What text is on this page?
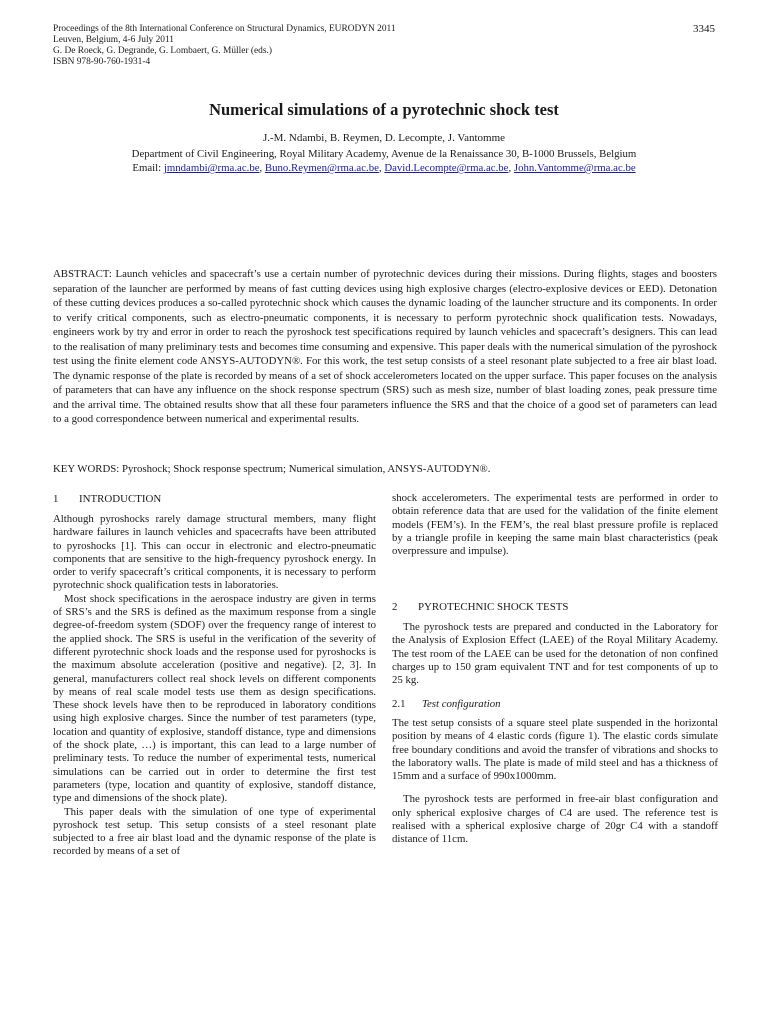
Proceedings of the 8th International Conference on Structural Dynamics, EURODYN 2011
Leuven, Belgium, 4-6 July 2011
G. De Roeck, G. Degrande, G. Lombaert, G. Müller (eds.)
ISBN 978-90-760-1931-4
3345
Numerical simulations of a pyrotechnic shock test
J.-M. Ndambi, B. Reymen, D. Lecompte, J. Vantomme
Department of Civil Engineering, Royal Military Academy, Avenue de la Renaissance 30, B-1000 Brussels, Belgium
Email: jmndambi@rma.ac.be, Buno.Reymen@rma.ac.be, David.Lecompte@rma.ac.be, John.Vantomme@rma.ac.be
ABSTRACT: Launch vehicles and spacecraft’s use a certain number of pyrotechnic devices during their missions. During flights, stages and boosters separation of the launcher are performed by means of fast cutting devices using high explosive charges (electro-explosive devices or EED). Detonation of these cutting devices produces a so-called pyrotechnic shock which causes the dynamic loading of the launcher structure and its components. In order to verify critical components, such as electro-pneumatic components, it is necessary to perform pyrotechnic shock qualification tests. Nowadays, engineers work by try and error in order to reach the pyroshock test specifications required by launch vehicles and spacecraft’s designers. This can lead to the realisation of many preliminary tests and becomes time consuming and expensive. This paper deals with the numerical simulation of the pyroshock test using the finite element code ANSYS-AUTODYN®. For this work, the test setup consists of a steel resonant plate subjected to a free air blast load. The dynamic response of the plate is recorded by means of a set of shock accelerometers located on the upper surface. This paper focuses on the analysis of parameters that can have any influence on the shock response spectrum (SRS) such as mesh size, number of blast loading zones, peak pressure time and the arrival time. The obtained results show that all these four parameters influence the SRS and that the choice of a good set of parameters can lead to a good correspondence between numerical and experimental results.
KEY WORDS: Pyroshock; Shock response spectrum; Numerical simulation, ANSYS-AUTODYN®.
1 INTRODUCTION

Although pyroshocks rarely damage structural members, many flight hardware failures in launch vehicles and spacecrafts have been attributed to pyroshocks [1]. This can occur in electronic and electro-pneumatic components that are sensitive to the high-frequency pyroshock energy. In order to verify spacecraft’s critical components, it is necessary to perform pyrotechnic shock qualification tests in laboratories.

Most shock specifications in the aerospace industry are given in terms of SRS’s and the SRS is defined as the maximum response from a single degree-of-freedom system (SDOF) over the frequency range of interest to the applied shock. The SRS is useful in the verification of the severity of different pyrotechnic shock loads and the response used for pyroshocks is the maximum absolute acceleration (positive and negative). [2, 3]. In general, manufacturers collect real shock levels on different components by means of real scale model tests use them as design specifications. These shock levels have then to be reproduced in laboratory conditions using high explosive charges. Since the number of test parameters (type, location and quantity of explosive, standoff distance, type and dimensions of the shock plate, …) is important, this can lead to a large number of preliminary tests. To reduce the number of experimental tests, numerical simulations can be carried out in order to determine the first test parameters (type, location and quantity of explosive, standoff distance, type and dimensions of the shock plate).

This paper deals with the simulation of one type of experimental pyroshock test setup. This setup consists of a steel resonant plate subjected to a free air blast load and the dynamic response of the plate is recorded by means of a set of

shock accelerometers. The experimental tests are performed in order to obtain reference data that are used for the validation of the finite element models (FEM’s). In the FEM’s, the real blast pressure profile is replaced by a triangle profile in keeping the same main blast characteristics (peak overpressure and impulse).

2 PYROTECHNIC SHOCK TESTS

The pyroshock tests are prepared and conducted in the Laboratory for the Analysis of Explosion Effect (LAEE) of the Royal Military Academy. The test room of the LAEE can be used for the detonation of non confined charges up to 150 gram equivalent TNT and for test components of up to 25 kg.

2.1 Test configuration

The test setup consists of a square steel plate suspended in the horizontal position by means of 4 elastic cords (figure 1). The elastic cords simulate free boundary conditions and avoid the transfer of vibrations and shocks to the laboratory walls. The plate is made of mild steel and has a thickness of 15mm and a surface of 990x1000mm.

The pyroshock tests are performed in free-air blast configuration and only spherical explosive charges of C4 are used. The reference test is realised with a spherical explosive charge of 20gr C4 with a standoff distance of 11cm.
